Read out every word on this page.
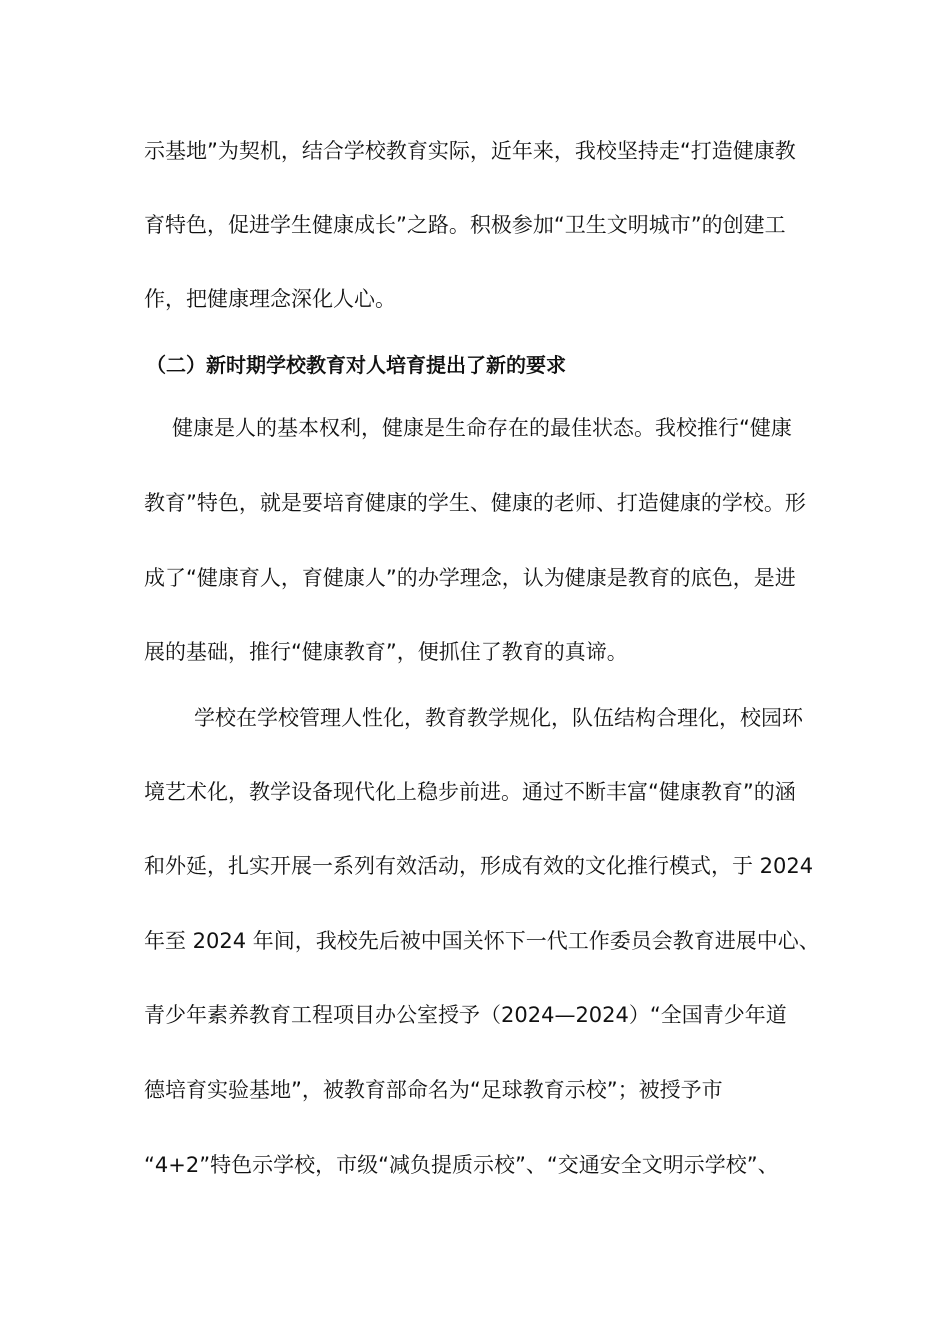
示基地”为契机，结合学校教育实际，近年来，我校坚持走“打造健康教
育特色，促进学生健康成长”之路。积极参加“卫生文明城市”的创建工
作，把健康理念深化人心。
（二）新时期学校教育对人培育提出了新的要求
健康是人的基本权利，健康是生命存在的最佳状态。我校推行“健康
教育”特色，就是要培育健康的学生、健康的老师、打造健康的学校。形
成了“健康育人，育健康人”的办学理念，认为健康是教育的底色，是进
展的基础，推行“健康教育”，便抓住了教育的真谛。
学校在学校管理人性化，教育教学规化，队伍结构合理化，校园环
境艺术化，教学设备现代化上稳步前进。通过不断丰富“健康教育”的涵
和外延，扎实开展一系列有效活动，形成有效的文化推行模式，于 2024
年至 2024 年间，我校先后被中国关怀下一代工作委员会教育进展中心、
青少年素养教育工程项目办公室授予（2024—2024）“全国青少年道
德培育实验基地”，被教育部命名为“足球教育示校”；被授予市
“4+2”特色示学校，市级“减负提质示校”、“交通安全文明示学校”、
